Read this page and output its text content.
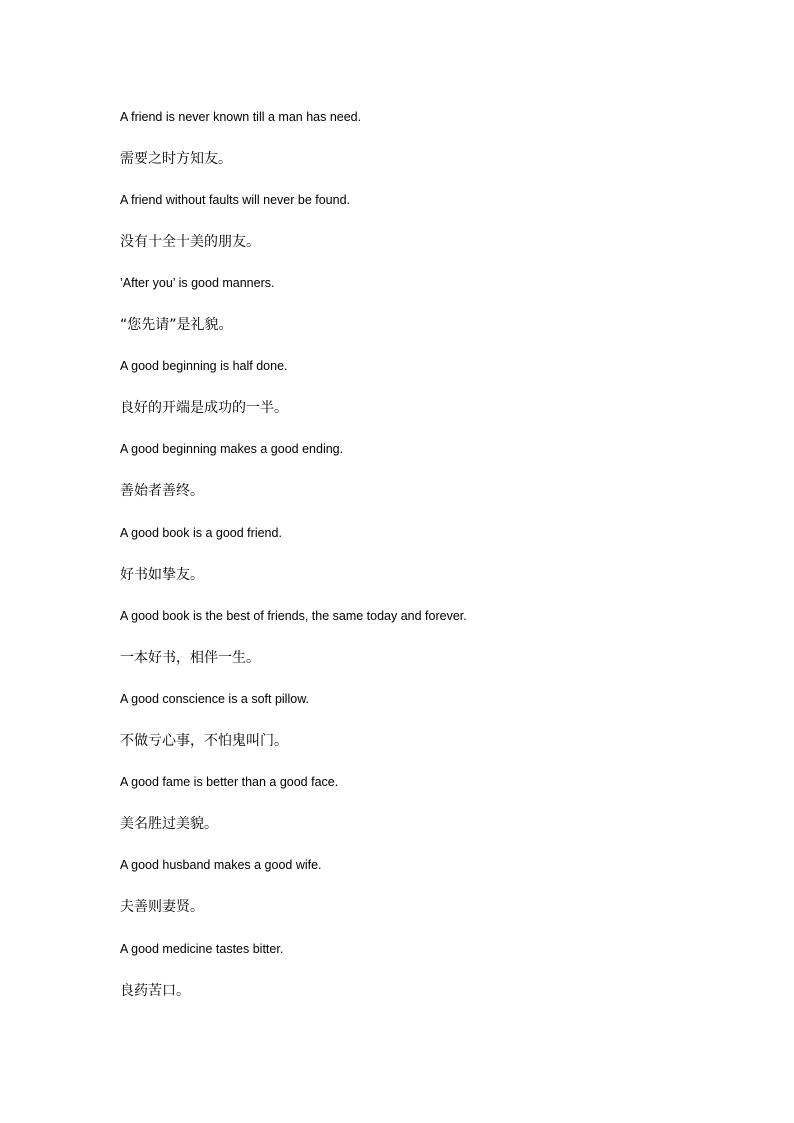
A friend is never known till a man has need.
需要之时方知友。
A friend without faults will never be found.
没有十全十美的朋友。
’After you’ is good manners.
“您先请”是礼貌。
A good beginning is half done.
良好的开端是成功的一半。
A good beginning makes a good ending.
善始者善终。
A good book is a good friend.
好书如挚友。
A good book is the best of friends, the same today and forever.
一本好书，相伴一生。
A good conscience is a soft pillow.
不做亏心事，不怕鬼叫门。
A good fame is better than a good face.
美名胜过美貌。
A good husband makes a good wife.
夫善则妻贤。
A good medicine tastes bitter.
良药苦口。
